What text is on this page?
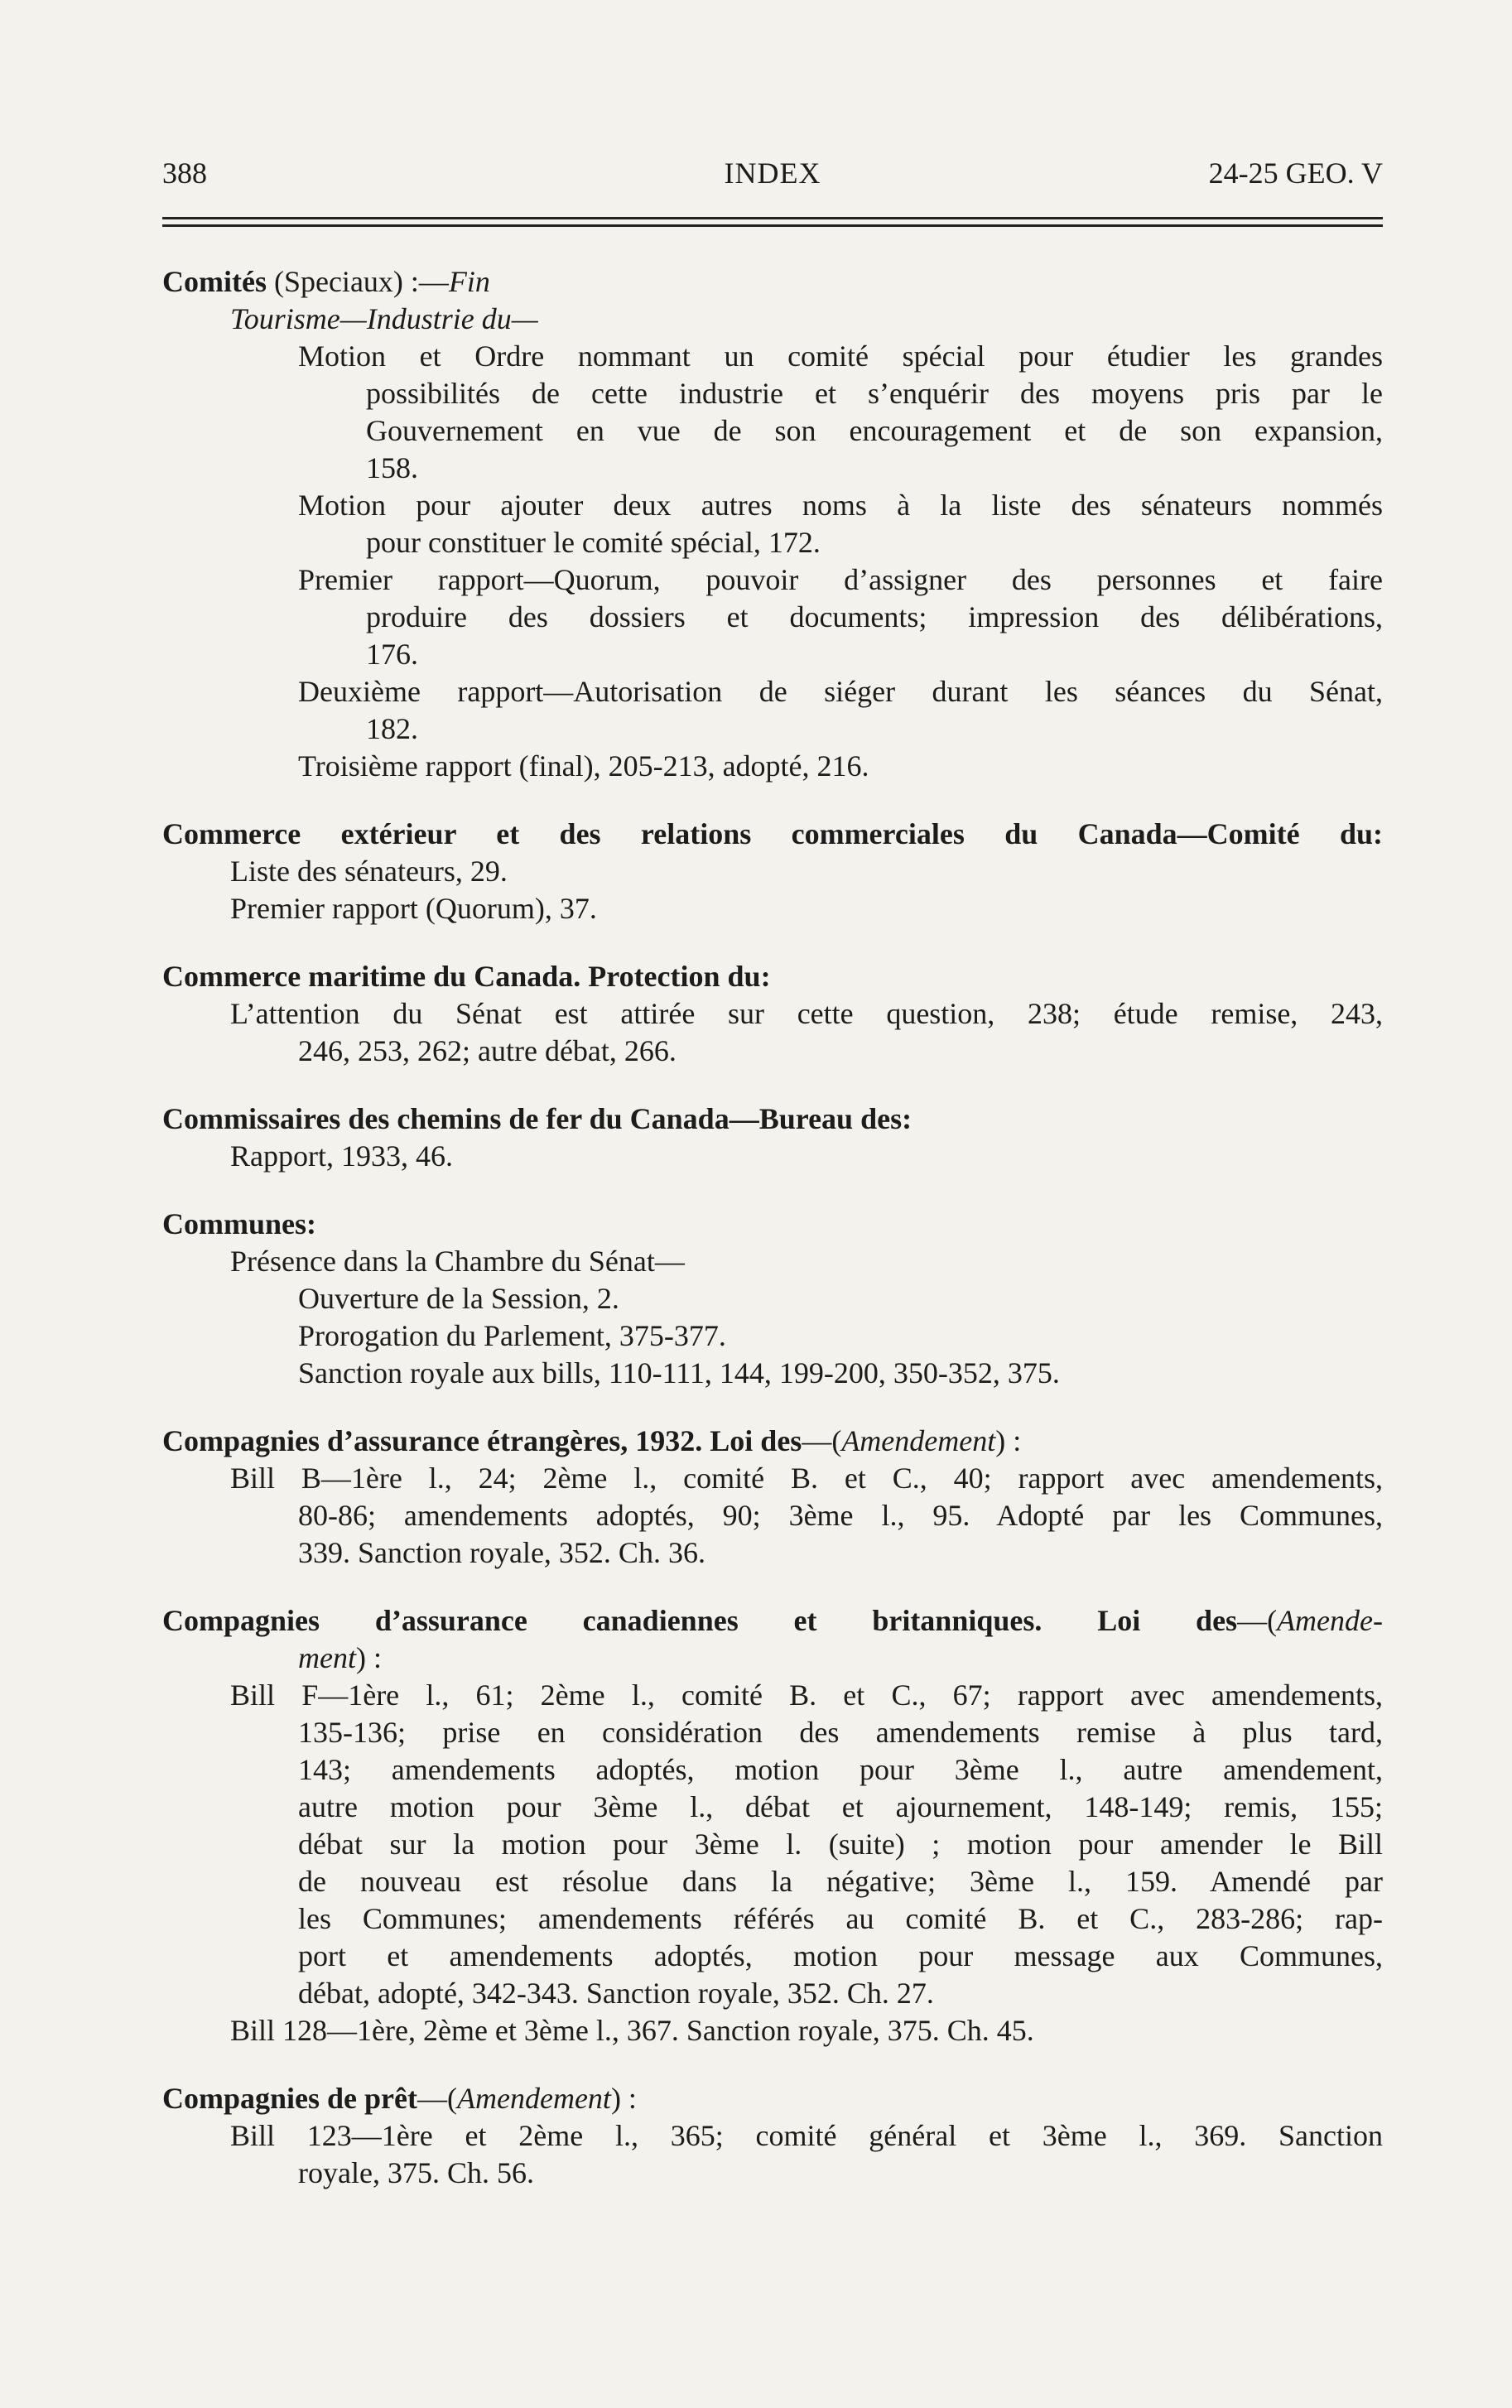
388	INDEX	24-25 GEO. V
Comités (Speciaux) :—Fin
Tourisme—Industrie du—
Motion et Ordre nommant un comité spécial pour étudier les grandes
possibilités de cette industrie et s’enquérir des moyens pris par le
Gouvernement en vue de son encouragement et de son expansion,
158.
Motion pour ajouter deux autres noms à la liste des sénateurs nommés
pour constituer le comité spécial, 172.
Premier rapport—Quorum, pouvoir d’assigner des personnes et faire
produire des dossiers et documents; impression des délibérations,
176.
Deuxième rapport—Autorisation de siéger durant les séances du Sénat,
182.
Troisième rapport (final), 205-213, adopté, 216.
Commerce extérieur et des relations commerciales du Canada—Comité du:
Liste des sénateurs, 29.
Premier rapport (Quorum), 37.
Commerce maritime du Canada. Protection du:
L’attention du Sénat est attirée sur cette question, 238; étude remise, 243,
246, 253, 262; autre débat, 266.
Commissaires des chemins de fer du Canada—Bureau des:
Rapport, 1933, 46.
Communes:
Présence dans la Chambre du Sénat—
Ouverture de la Session, 2.
Prorogation du Parlement, 375-377.
Sanction royale aux bills, 110-111, 144, 199-200, 350-352, 375.
Compagnies d’assurance étrangères, 1932. Loi des—(Amendement) :
Bill B—1ère l., 24; 2ème l., comité B. et C., 40; rapport avec amendements,
80-86; amendements adoptés, 90; 3ème l., 95. Adopté par les Communes,
339. Sanction royale, 352. Ch. 36.
Compagnies d’assurance canadiennes et britanniques. Loi des—(Amende-
ment) :
Bill F—1ère l., 61; 2ème l., comité B. et C., 67; rapport avec amendements,
135-136; prise en considération des amendements remise à plus tard,
143; amendements adoptés, motion pour 3ème l., autre amendement,
autre motion pour 3ème l., débat et ajournement, 148-149; remis, 155;
débat sur la motion pour 3ème l. (suite) ; motion pour amender le Bill
de nouveau est résolue dans la négative; 3ème l., 159. Amendé par
les Communes; amendements référés au comité B. et C., 283-286; rap-
port et amendements adoptés, motion pour message aux Communes,
débat, adopté, 342-343. Sanction royale, 352. Ch. 27.
Bill 128—1ère, 2ème et 3ème l., 367. Sanction royale, 375. Ch. 45.
Compagnies de prêt—(Amendement) :
Bill 123—1ère et 2ème l., 365; comité général et 3ème l., 369. Sanction
royale, 375. Ch. 56.
